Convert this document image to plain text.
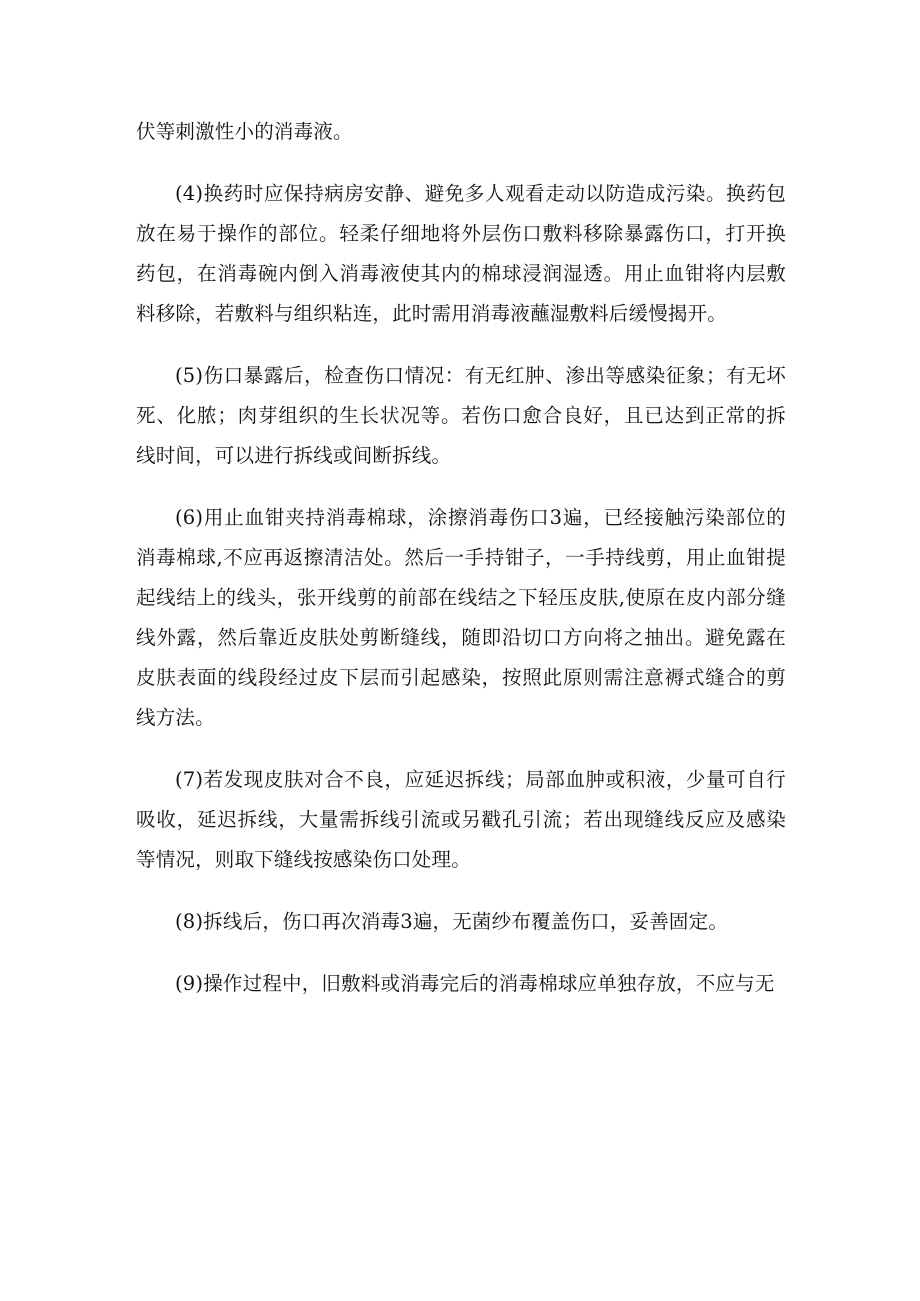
伏等刺激性小的消毒液。

(4)换药时应保持病房安静、避免多人观看走动以防造成污染。换药包放在易于操作的部位。轻柔仔细地将外层伤口敷料移除暴露伤口，打开换药包，在消毒碗内倒入消毒液使其内的棉球浸润湿透。用止血钳将内层敷料移除，若敷料与组织粘连，此时需用消毒液蘸湿敷料后缓慢揭开。

(5)伤口暴露后，检查伤口情况：有无红肿、渗出等感染征象；有无坏死、化脓；肉芽组织的生长状况等。若伤口愈合良好，且已达到正常的拆线时间，可以进行拆线或间断拆线。

(6)用止血钳夹持消毒棉球，涂擦消毒伤口3遍，已经接触污染部位的消毒棉球,不应再返擦清洁处。然后一手持钳子，一手持线剪，用止血钳提起线结上的线头，张开线剪的前部在线结之下轻压皮肤,使原在皮内部分缝线外露，然后靠近皮肤处剪断缝线，随即沿切口方向将之抽出。避免露在皮肤表面的线段经过皮下层而引起感染，按照此原则需注意褥式缝合的剪线方法。

(7)若发现皮肤对合不良，应延迟拆线；局部血肿或积液，少量可自行吸收，延迟拆线，大量需拆线引流或另戳孔引流；若出现缝线反应及感染等情况，则取下缝线按感染伤口处理。

(8)拆线后，伤口再次消毒3遍，无菌纱布覆盖伤口，妥善固定。

(9)操作过程中，旧敷料或消毒完后的消毒棉球应单独存放，不应与无
